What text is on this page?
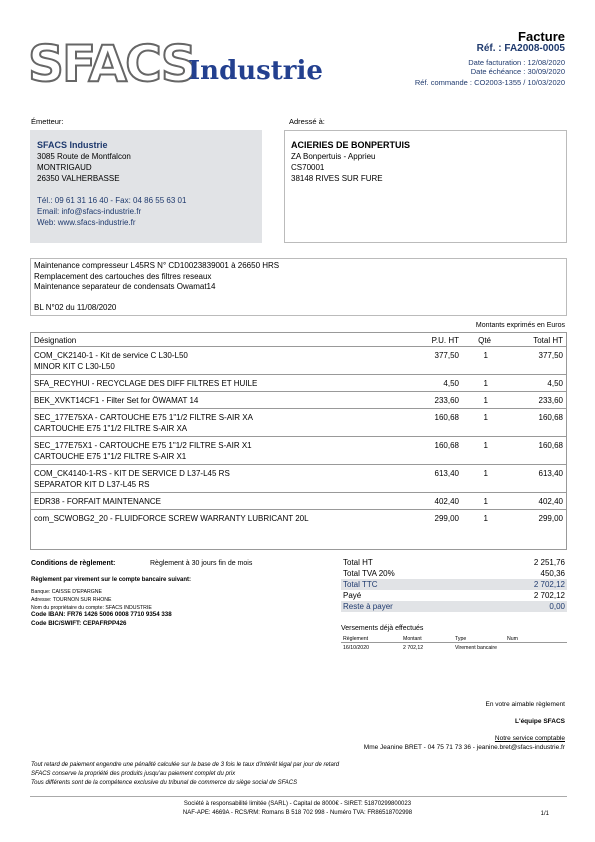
SFACS
Industrie
Facture
Réf. : FA2008-0005
Date facturation : 12/08/2020
Date échéance : 30/09/2020
Réf. commande : CO2003-1355 / 10/03/2020
Émetteur:	Adressé à:
SFACS Industrie
3085 Route de Montfalcon
MONTRIGAUD
26350 VALHERBASSE
Tél.: 09 61 31 16 40 - Fax: 04 86 55 63 01
Email: info@sfacs-industrie.fr
Web: www.sfacs-industrie.fr
ACIERIES DE BONPERTUIS
ZA Bonpertuis - Apprieu
CS70001
38148 RIVES SUR FURE
Maintenance compresseur L45RS N° CD10023839001 à 26650 HRS
Remplacement des cartouches des filtres reseaux
Maintenance separateur de condensats Owamat14
BL N°02 du 11/08/2020
Montants exprimés en Euros
Désignation	P.U. HT Qté	Total HT
COM_CK2140-1 - Kit de service C L30-L50
MINOR KIT C L30-L50
377,50	1	377,50
SFA_RECYHUI - RECYCLAGE DES DIFF FILTRES ET HUILE	4,50	1	4,50
BEK_XVKT14CF1 - Filter Set for ÖWAMAT 14	233,60	1	233,60
SEC_177E75XA - CARTOUCHE E75 1"1/2 FILTRE S-AIR XA
CARTOUCHE E75 1"1/2 FILTRE S-AIR XA
160,68	1	160,68
SEC_177E75X1 - CARTOUCHE E75 1"1/2 FILTRE S-AIR X1
CARTOUCHE E75 1"1/2 FILTRE S-AIR X1
160,68	1	160,68
COM_CK4140-1-RS - KIT DE SERVICE D L37-L45 RS
SEPARATOR KIT D L37-L45 RS
613,40	1	613,40
EDR38 - FORFAIT MAINTENANCE	402,40	1	402,40
com_SCWOBG2_20 - FLUIDFORCE SCREW WARRANTY LUBRICANT 20L	299,00	1	299,00
Conditions de règlement:	Règlement à 30 jours fin de mois
Règlement par virement sur le compte bancaire suivant:
Banque: CAISSE D'EPARGNE
Adresse: TOURNON SUR RHONE
Nom du propriétaire du compte: SFACS INDUSTRIE
Code IBAN: FR76 1426 5006 0008 7710 9354 338
Code BIC/SWIFT: CEPAFRPP426
Total HT	2 251,76
Total TVA 20%	450,36
Total TTC	2 702,12
Payé	2 702,12
Reste à payer	0,00
Versements déjà effectués
Règlement	Montant	Type	Num
16/10/2020	2 702,12	Virement bancaire
En votre aimable règlement
L'équipe SFACS
Notre service comptable
Mme Jeanine BRET - 04 75 71 73 36 - jeanine.bret@sfacs-industrie.fr
Tout retard de paiement engendre une pénalité calculée sur la base de 3 fois le taux d'intérêt légal par jour de retard
SFACS conserve la propriété des produits jusqu'au paiement complet du prix
Tous différents sont de la compétence exclusive du tribunal de commerce du siège social de SFACS
Société à responsabilité limitée (SARL) - Capital de 8000€ - SIRET: 51870299800023
NAF-APE: 4669A - RCS/RM: Romans B 518 702 998 - Numéro TVA: FR86518702998	1/1
